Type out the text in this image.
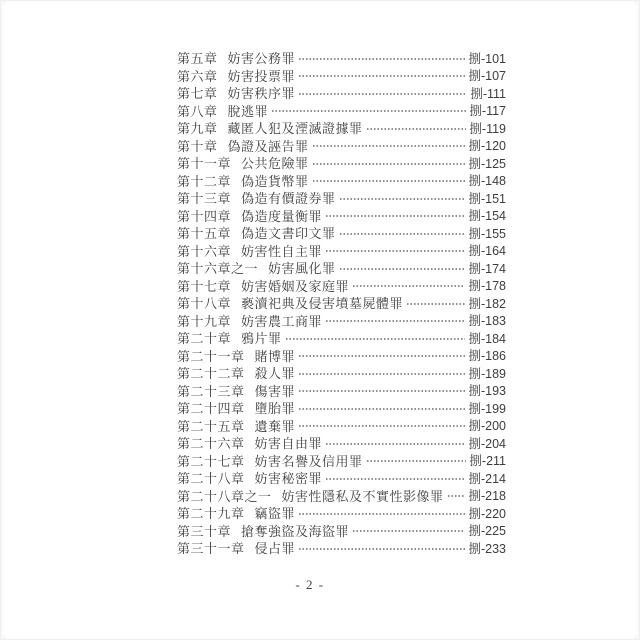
第五章 妨害公務罪	捌-101
第六章 妨害投票罪	捌-107
第七章 妨害秩序罪	捌-111
第八章 脫逃罪	捌-117
第九章 藏匿人犯及湮滅證據罪	捌-119
第十章 偽證及誣告罪	捌-120
第十一章 公共危險罪	捌-125
第十二章 偽造貨幣罪	捌-148
第十三章 偽造有價證券罪	捌-151
第十四章 偽造度量衡罪	捌-154
第十五章 偽造文書印文罪	捌-155
第十六章 妨害性自主罪	捌-164
第十六章之一 妨害風化罪	捌-174
第十七章 妨害婚姻及家庭罪	捌-178
第十八章 褻瀆祀典及侵害墳墓屍體罪	捌-182
第十九章 妨害農工商罪	捌-183
第二十章 鴉片罪	捌-184
第二十一章 賭博罪	捌-186
第二十二章 殺人罪	捌-189
第二十三章 傷害罪	捌-193
第二十四章 墮胎罪	捌-199
第二十五章 遺棄罪	捌-200
第二十六章 妨害自由罪	捌-204
第二十七章 妨害名譽及信用罪	捌-211
第二十八章 妨害秘密罪	捌-214
第二十八章之一 妨害性隱私及不實性影像罪 捌-218
第二十九章 竊盜罪	捌-220
第三十章 搶奪強盜及海盜罪	捌-225
第三十一章 侵占罪	捌-233
- 2 -
